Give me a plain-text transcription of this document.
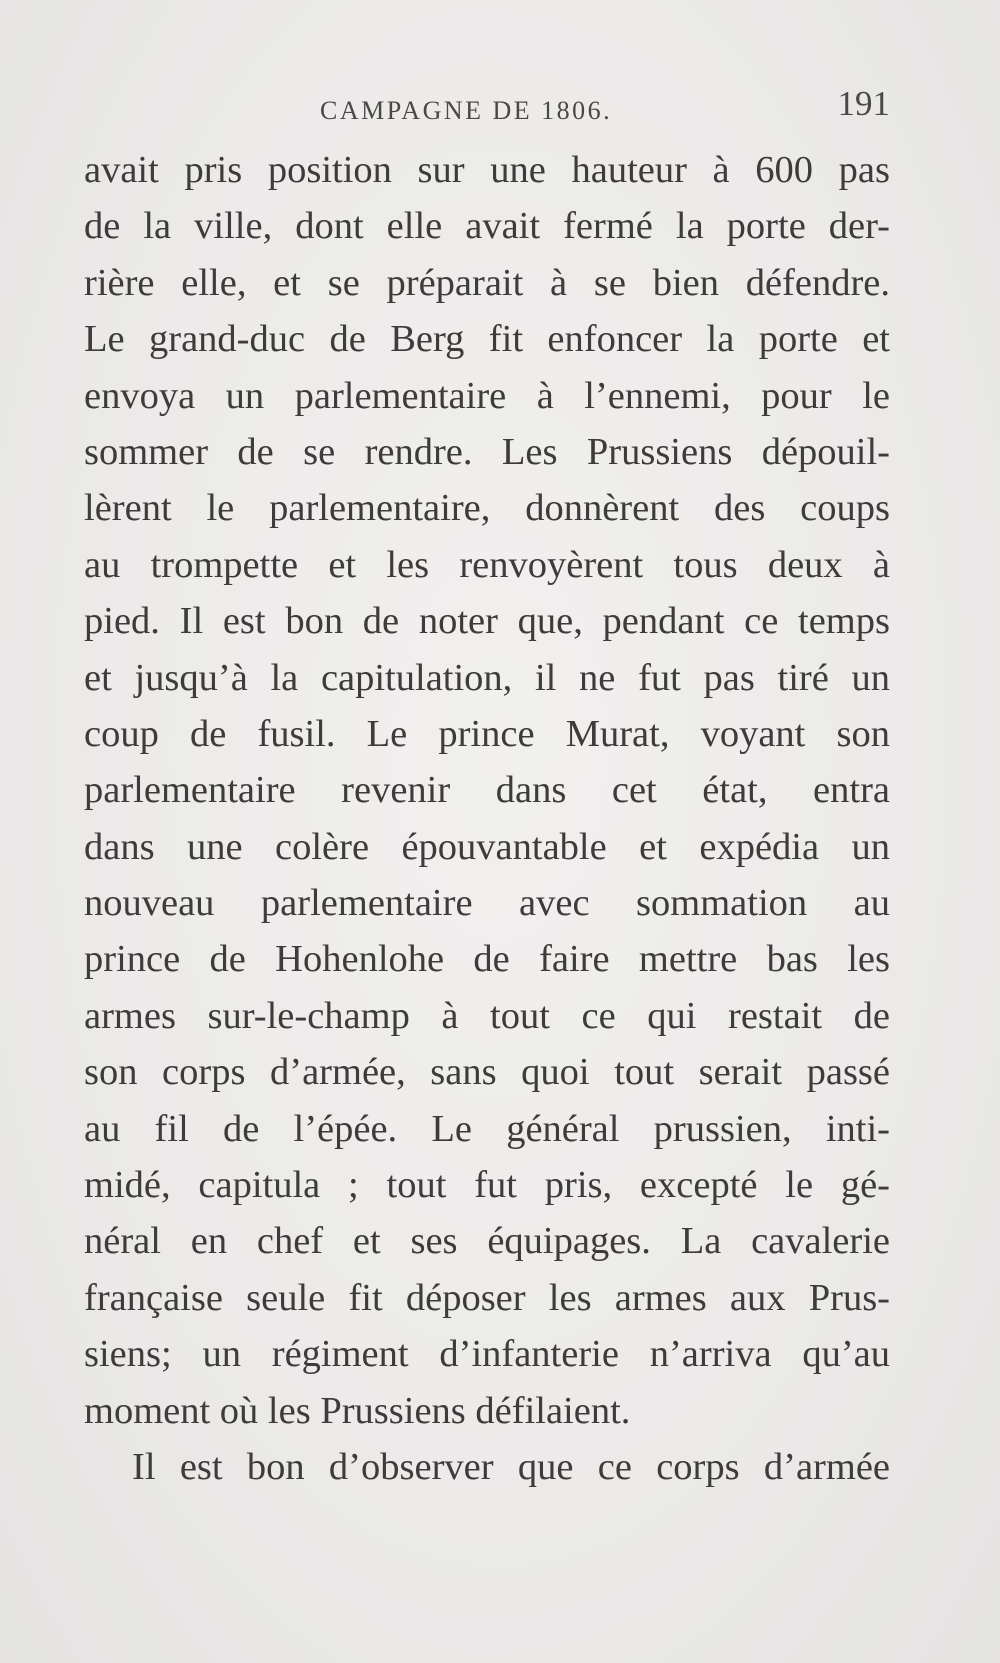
CAMPAGNE DE 1806.	191
avait pris position sur une hauteur à 600 pas
de la ville, dont elle avait fermé la porte der-
rière elle, et se préparait à se bien défendre.
Le grand-duc de Berg fit enfoncer la porte et
envoya un parlementaire à l’ennemi, pour le
sommer de se rendre. Les Prussiens dépouil-
lèrent le parlementaire, donnèrent des coups
au trompette et les renvoyèrent tous deux à
pied. Il est bon de noter que, pendant ce temps
et jusqu’à la capitulation, il ne fut pas tiré un
coup de fusil. Le prince Murat, voyant son
parlementaire revenir dans cet état, entra
dans une colère épouvantable et expédia un
nouveau parlementaire avec sommation au
prince de Hohenlohe de faire mettre bas les
armes sur-le-champ à tout ce qui restait de
son corps d’armée, sans quoi tout serait passé
au fil de l’épée. Le général prussien, inti-
midé, capitula ; tout fut pris, excepté le gé-
néral en chef et ses équipages. La cavalerie
française seule fit déposer les armes aux Prus-
siens; un régiment d’infanterie n’arriva qu’au
moment où les Prussiens défilaient.
Il est bon d’observer que ce corps d’armée
